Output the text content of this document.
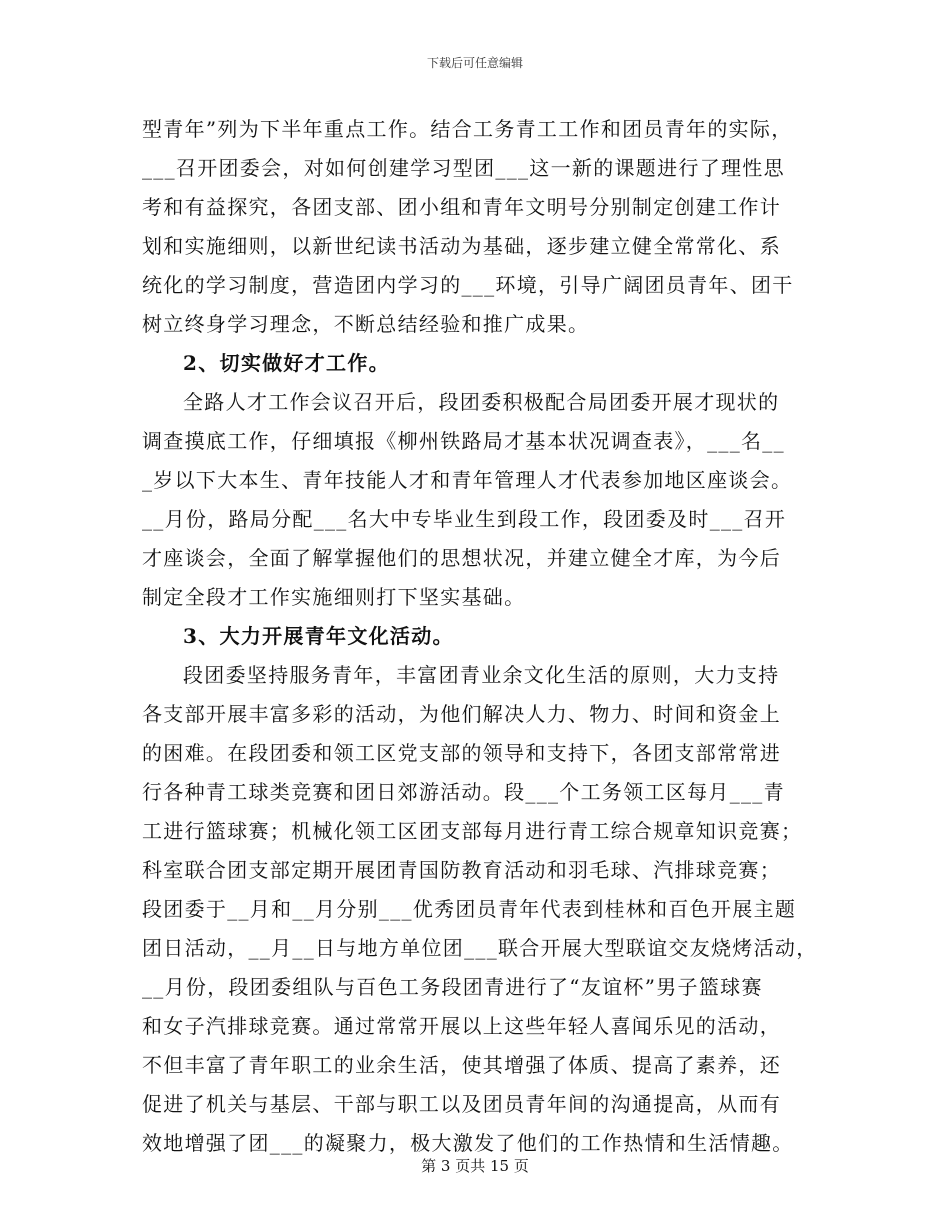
下载后可任意编辑
型青年”列为下半年重点工作。结合工务青工工作和团员青年的实际，
___召开团委会，对如何创建学习型团___这一新的课题进行了理性思
考和有益探究，各团支部、团小组和青年文明号分别制定创建工作计
划和实施细则，以新世纪读书活动为基础，逐步建立健全常常化、系
统化的学习制度，营造团内学习的___环境，引导广阔团员青年、团干
树立终身学习理念，不断总结经验和推广成果。
2、切实做好才工作。
全路人才工作会议召开后，段团委积极配合局团委开展才现状的
调查摸底工作，仔细填报《柳州铁路局才基本状况调查表》，___名__
_岁以下大本生、青年技能人才和青年管理人才代表参加地区座谈会。
__月份，路局分配___名大中专毕业生到段工作，段团委及时___召开
才座谈会，全面了解掌握他们的思想状况，并建立健全才库，为今后
制定全段才工作实施细则打下坚实基础。
3、大力开展青年文化活动。
段团委坚持服务青年，丰富团青业余文化生活的原则，大力支持
各支部开展丰富多彩的活动，为他们解决人力、物力、时间和资金上
的困难。在段团委和领工区党支部的领导和支持下，各团支部常常进
行各种青工球类竞赛和团日郊游活动。段___个工务领工区每月___青
工进行篮球赛；机械化领工区团支部每月进行青工综合规章知识竞赛；
科室联合团支部定期开展团青国防教育活动和羽毛球、汽排球竞赛；
段团委于__月和__月分别___优秀团员青年代表到桂林和百色开展主题
团日活动，__月__日与地方单位团___联合开展大型联谊交友烧烤活动，
__月份，段团委组队与百色工务段团青进行了“友谊杯”男子篮球赛
和女子汽排球竞赛。通过常常开展以上这些年轻人喜闻乐见的活动，
不但丰富了青年职工的业余生活，使其增强了体质、提高了素养，还
促进了机关与基层、干部与职工以及团员青年间的沟通提高，从而有
效地增强了团___的凝聚力，极大激发了他们的工作热情和生活情趣。
第 3 页共 15 页
